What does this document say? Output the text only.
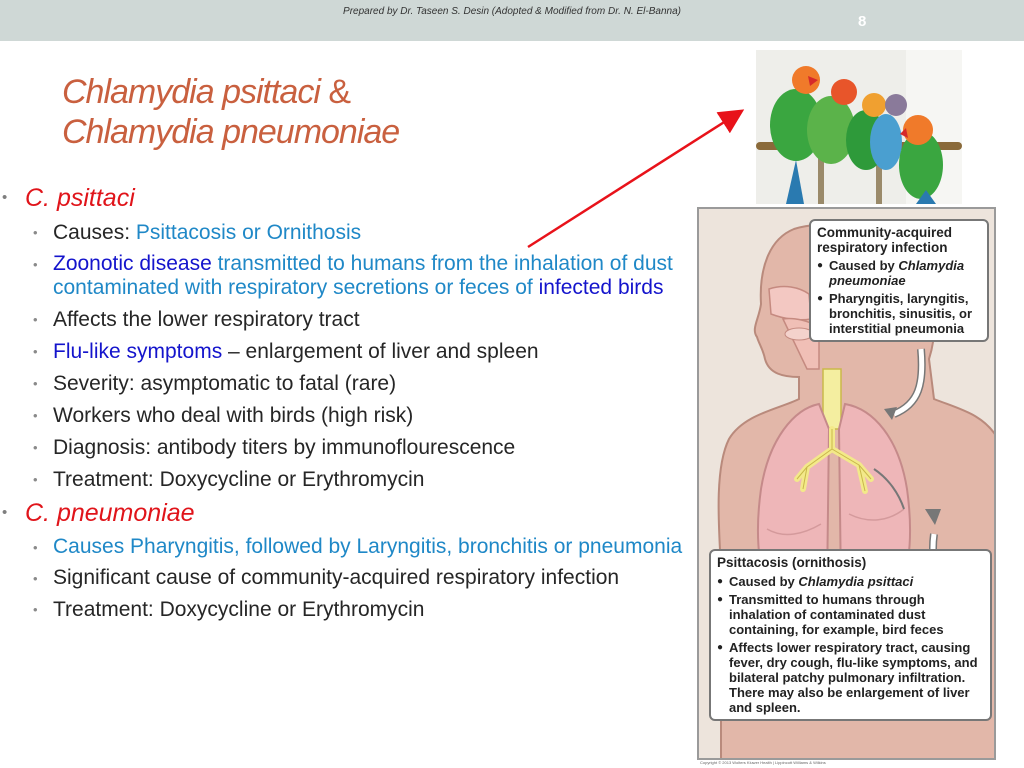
Prepared by Dr. Taseen S. Desin (Adopted & Modified from Dr. N. El-Banna)
8
Chlamydia psittaci &
Chlamydia pneumoniae
• C. psittaci
• Causes: Psittacosis or Ornithosis
• Zoonotic disease transmitted to humans from the inhalation of dust contaminated with respiratory secretions or feces of infected birds
• Affects the lower respiratory tract
• Flu-like symptoms – enlargement of liver and spleen
• Severity: asymptomatic to fatal (rare)
• Workers who deal with birds (high risk)
• Diagnosis: antibody titers by immunoflourescence
• Treatment: Doxycycline or Erythromycin
• C. pneumoniae
• Causes Pharyngitis, followed by Laryngitis, bronchitis or pneumonia
• Significant cause of community-acquired respiratory infection
• Treatment: Doxycycline or Erythromycin
Community-acquired respiratory infection
● Caused by Chlamydia pneumoniae
● Pharyngitis, laryngitis, bronchitis, sinusitis, or interstitial pneumonia
Psittacosis (ornithosis)
● Caused by Chlamydia psittaci
● Transmitted to humans through inhalation of contaminated dust containing, for example, bird feces
● Affects lower respiratory tract, causing fever, dry cough, flu-like symptoms, and bilateral patchy pulmonary infiltration. There may also be enlargement of liver and spleen.
Copyright © 2013 Wolters Kluwer Health | Lippincott Williams & Wilkins
